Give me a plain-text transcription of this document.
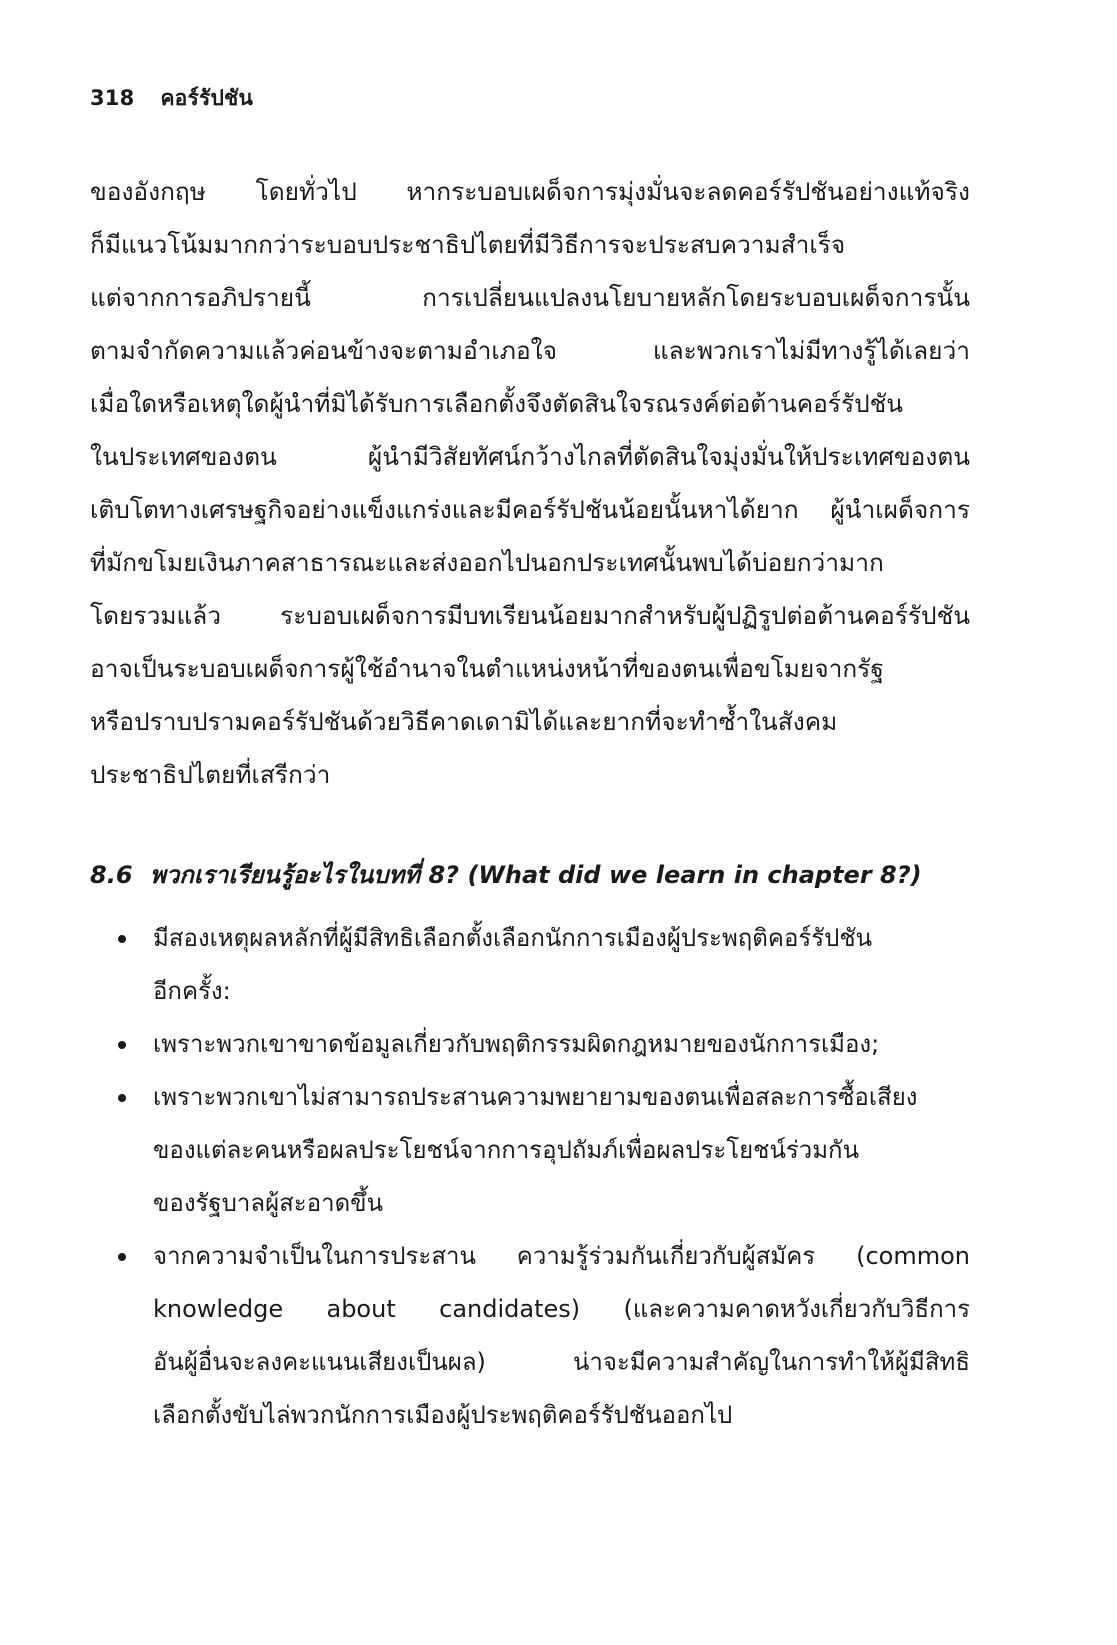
318 คอร์รัปชัน
ของอังกฤษ โดยทั่วไป หากระบอบเผด็จการมุ่งมั่นจะลดคอร์รัปชันอย่างแท้จริง
ก็มีแนวโน้มมากกว่าระบอบประชาธิปไตยที่มีวิธีการจะประสบความสำเร็จ
แต่จากการอภิปรายนี้ การเปลี่ยนแปลงนโยบายหลักโดยระบอบเผด็จการนั้น
ตามจำกัดความแล้วค่อนข้างจะตามอำเภอใจ และพวกเราไม่มีทางรู้ได้เลยว่า
เมื่อใดหรือเหตุใดผู้นำที่มิได้รับการเลือกตั้งจึงตัดสินใจรณรงค์ต่อต้านคอร์รัปชัน
ในประเทศของตน ผู้นำมีวิสัยทัศน์กว้างไกลที่ตัดสินใจมุ่งมั่นให้ประเทศของตน
เติบโตทางเศรษฐกิจอย่างแข็งแกร่งและมีคอร์รัปชันน้อยนั้นหาได้ยาก ผู้นำเผด็จการ
ที่มักขโมยเงินภาคสาธารณะและส่งออกไปนอกประเทศนั้นพบได้บ่อยกว่ามาก
โดยรวมแล้ว ระบอบเผด็จการมีบทเรียนน้อยมากสำหรับผู้ปฏิรูปต่อต้านคอร์รัปชัน
อาจเป็นระบอบเผด็จการผู้ใช้อำนาจในตำแหน่งหน้าที่ของตนเพื่อขโมยจากรัฐ
หรือปราบปรามคอร์รัปชันด้วยวิธีคาดเดามิได้และยากที่จะทำซ้ำในสังคม
ประชาธิปไตยที่เสรีกว่า
8.6 พวกเราเรียนรู้อะไรในบทที่ 8? (What did we learn in chapter 8?)
มีสองเหตุผลหลักที่ผู้มีสิทธิเลือกตั้งเลือกนักการเมืองผู้ประพฤติคอร์รัปชัน
อีกครั้ง:
เพราะพวกเขาขาดข้อมูลเกี่ยวกับพฤติกรรมผิดกฎหมายของนักการเมือง;
เพราะพวกเขาไม่สามารถประสานความพยายามของตนเพื่อสละการซื้อเสียง
ของแต่ละคนหรือผลประโยชน์จากการอุปถัมภ์เพื่อผลประโยชน์ร่วมกัน
ของรัฐบาลผู้สะอาดขึ้น
จากความจำเป็นในการประสาน ความรู้ร่วมกันเกี่ยวกับผู้สมัคร (common
knowledge about candidates) (และความคาดหวังเกี่ยวกับวิธีการ
อันผู้อื่นจะลงคะแนนเสียงเป็นผล) น่าจะมีความสำคัญในการทำให้ผู้มีสิทธิ
เลือกตั้งขับไล่พวกนักการเมืองผู้ประพฤติคอร์รัปชันออกไป
